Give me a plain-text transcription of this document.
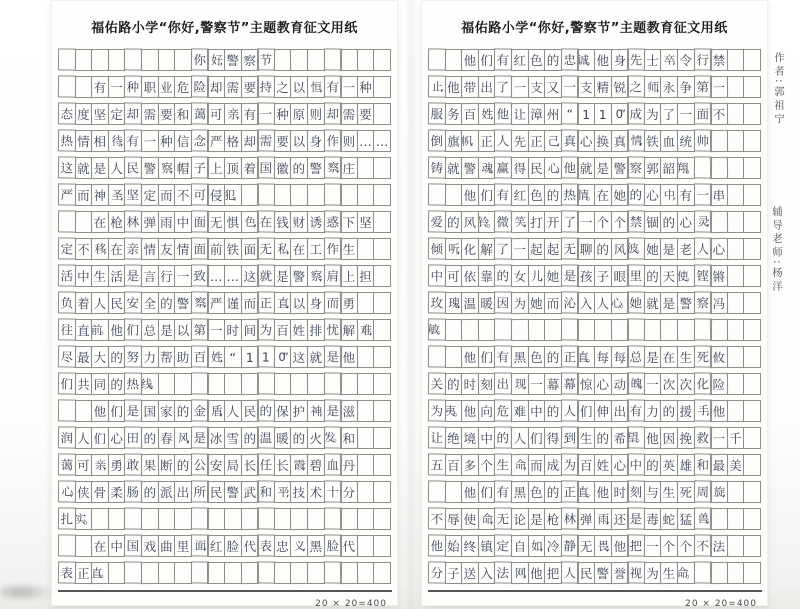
福佑路小学“你好,警察节”主题教育征文用纸
你 好, 警 察 节
有 一 种 职 业 危 险 却 需 要 持 之 以 恒, 有 一 种
态 度 坚 定 却 需 要 和 蔼 可 亲, 有 一 种 原 则 却 需 要
热 情 相 待, 有 一 种 信 念 严 格 却 需 要 以 身 作 则 … …
这 就 是 人 民 警 察, 帽 子 上 顶 着 国 徽 的 警 察, 庄
严 而 神 圣, 坚 定 而 不 可 侵 犯。
在 枪 林 弹 雨 中 面 无 惧 色, 在 钱 财 诱 惑 下 坚
定 不 移, 在 亲 情 友 情 面 前 铁 面 无 私, 在 工 作 生
活 中 生 活 是 言 行 一 致 … … 这 就 是 警 察, 肩 上 担
负 着 人 民 安 全 的 警 察, 严 谨 而 正 直, 以 身 而 勇
往 直 前。 他 们 总 是 以 第 一 时 间 为 百 姓 排 忧 解 难,
尽 最 大 的 努 力 帮 助 百 姓, “ 1 1 0” 这 就 是 他
们 共 同 的 热 线。
他 们 是 国 家 的 金 盾, 人 民 的 保 护 神, 是 滋
润 人 们 心 田 的 春 风, 是 冰 雪 的 温 暖 的 火 发。 和
蔼 可 亲, 勇 敢 果 断 的 公 安 局 长 任 长 霞; 碧 血 丹
心, 侠 骨 柔 肠 的 派 出 所 民 警 武 和 平; 技 术 十 分
扎 实。
在 中 国 戏 曲 里 面, 红 脸 代 表 忠 义, 黑 脸 代
表 正 直。
20 × 20=400
福佑路小学“你好,警察节”主题教育征文用纸
他 们 有 红 色 的 忠 诚。 他 身 先 士 卒, 令 行 禁
止, 他 带 出 了 一 支 又 一 支 精 锐 之 师, 永 争 第 一
服 务 百 姓, 他 让 漳 州 “ 1 1 0” 成 为 了 一 面 不
倒 旗 帜。 正 人 先 正 己, 真 心 换 真 情, 铁 血 统 帅
铸 就 警 魂, 赢 得 民 心, 他 就 是 警 察 郭 韶 翔。
他 们 有 红 色 的 热 情。 在 她 的 心 中, 有 一 串
爱 的 风 铃。 微 笑, 打 开 了 一 个 个 禁 锢 的 心 灵;
倾 听, 化 解 了 一 起 起 无 聊 的 风 波。 她 是 老 人 心
中 可 依 靠 的 女 儿, 她 是 孩 子 眼 里 的 天 使。 铿 锵
玫 瑰, 温 暖 因 为 她 而 沁 入 人 心。 她 就 是 警 察 冯
敏。
他 们 有 黑 色 的 正 直。 每 每 总 是 在 生 死 攸
关 的 时 刻 出 现, 一 幕 幕 惊 心 动 魄, 一 次 次 化 险
为 夷。 他 向 危 难 中 的 人 们 伸 出 有 力 的 援 手, 他
让 绝 境 中 的 人 们 得 到 生 的 希 望。 他 因 挽 救 一 千
五 百 多 个 生 命, 而 成 为 百 姓 心 中 的 英 雄 和 最 美
他 们 有 黑 色 的 正 直。 他 时 刻 与 生 死 周 旋,
不 辱 使 命, 无 论 是 枪 林 弹 雨, 还 是 毒 蛇 猛 兽,
他 始 终 镇 定 自 如, 冷 静 无 畏, 他 把 一 个 个 不 法
分 子 送 入 法 网, 他 把 人 民 警 誉 视 为 生 命。
20 × 20=400
作者:郭祖宁
辅导老师:杨洋
